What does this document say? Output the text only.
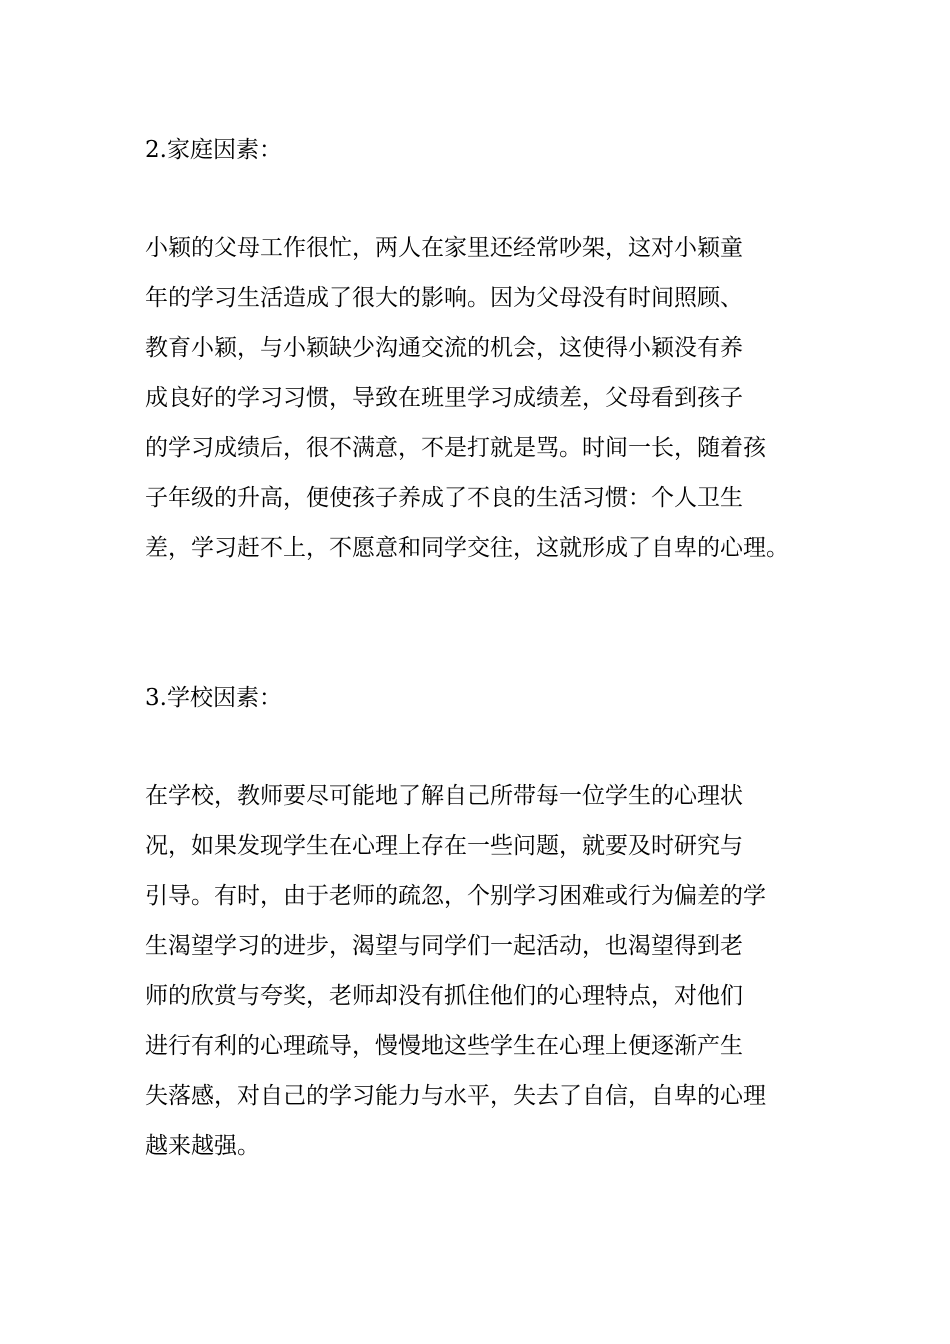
2.家庭因素：
小颖的父母工作很忙，两人在家里还经常吵架，这对小颖童
年的学习生活造成了很大的影响。因为父母没有时间照顾、
教育小颖，与小颖缺少沟通交流的机会，这使得小颖没有养
成良好的学习习惯，导致在班里学习成绩差，父母看到孩子
的学习成绩后，很不满意，不是打就是骂。时间一长，随着孩
子年级的升高，便使孩子养成了不良的生活习惯：个人卫生
差，学习赶不上，不愿意和同学交往，这就形成了自卑的心理。
3.学校因素：
在学校，教师要尽可能地了解自己所带每一位学生的心理状
况，如果发现学生在心理上存在一些问题，就要及时研究与
引导。有时，由于老师的疏忽，个别学习困难或行为偏差的学
生渴望学习的进步，渴望与同学们一起活动，也渴望得到老
师的欣赏与夸奖，老师却没有抓住他们的心理特点，对他们
进行有利的心理疏导，慢慢地这些学生在心理上便逐渐产生
失落感，对自己的学习能力与水平，失去了自信，自卑的心理
越来越强。
